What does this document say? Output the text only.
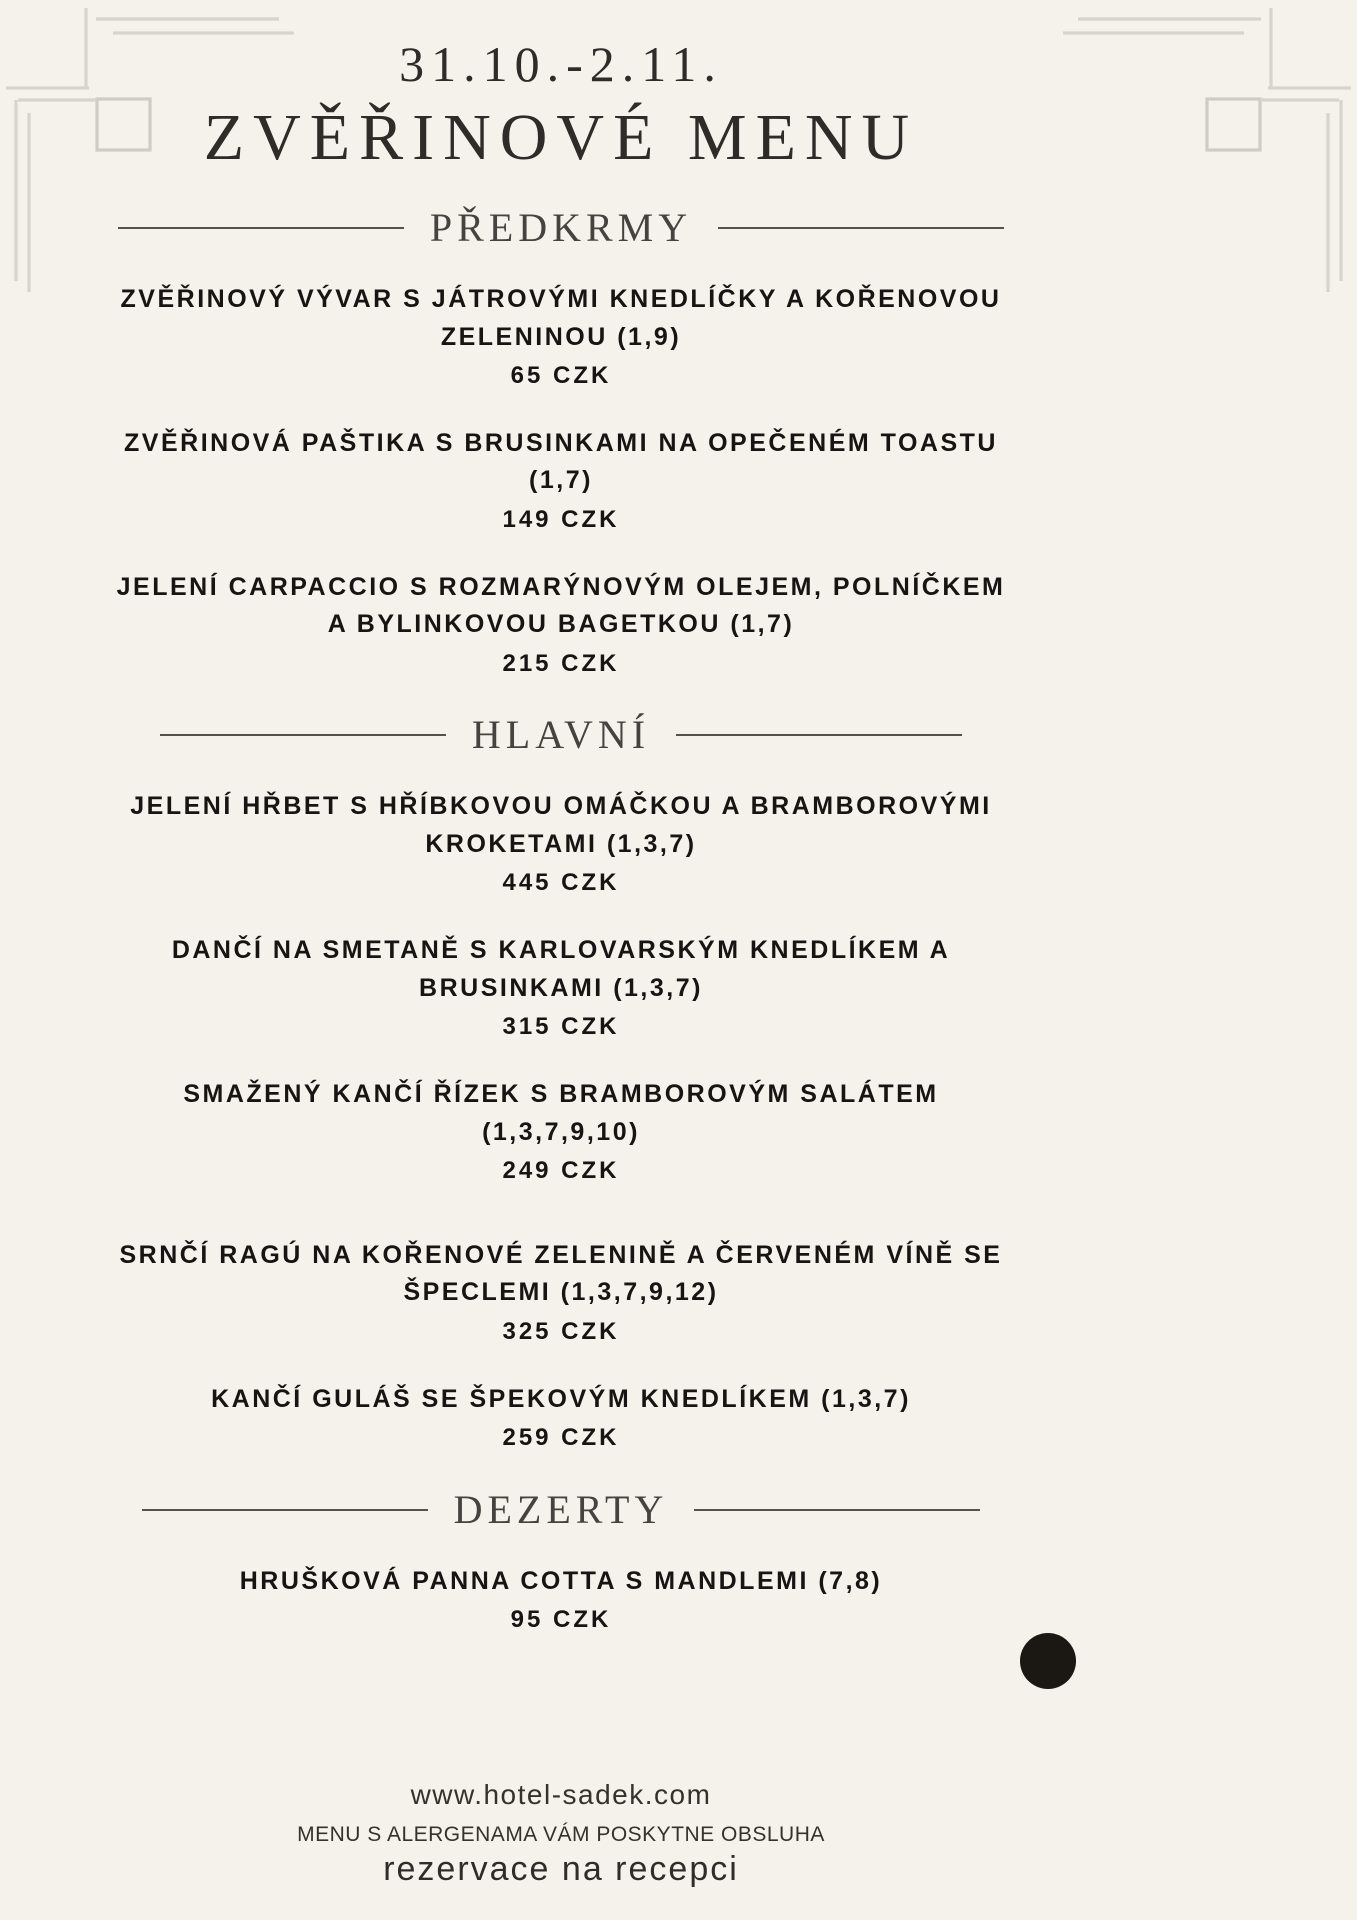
31.10.-2.11.
ZVĚŘINOVÉ MENU
PŘEDKRMY
ZVĚŘINOVÝ VÝVAR S JÁTROVÝMI KNEDLÍČKY A KOŘENOVOU ZELENINOU (1,9)
65 CZK
ZVĚŘINOVÁ PAŠTIKA S BRUSINKAMI NA OPEČENÉM TOASTU (1,7)
149 CZK
JELENÍ CARPACCIO S ROZMARÝNOVÝM OLEJEM, POLNÍČKEM A BYLINKOVOU BAGETKOU (1,7)
215 CZK
HLAVNÍ
JELENÍ HŘBET S HŘÍBKOVOU OMÁČKOU A BRAMBOROVÝMI KROKETAMI (1,3,7)
445 CZK
DANČÍ NA SMETANĚ S KARLOVARSKÝM KNEDLÍKEM A BRUSINKAMI (1,3,7)
315 CZK
SMAŽENÝ KANČÍ ŘÍZEK S BRAMBOROVÝM SALÁTEM (1,3,7,9,10)
249 CZK
SRNČÍ RAGÚ NA KOŘENOVÉ ZELENINĚ A ČERVENÉM VÍNĚ SE ŠPECLEMI (1,3,7,9,12)
325 CZK
KANČÍ GULÁŠ SE ŠPEKOVÝM KNEDLÍKEM (1,3,7)
259 CZK
DEZERTY
HRUŠKOVÁ PANNA COTTA S MANDLEMI (7,8)
95 CZK
www.hotel-sadek.com
MENU S ALERGENAMA VÁM POSKYTNE OBSLUHA
rezervace na recepci
